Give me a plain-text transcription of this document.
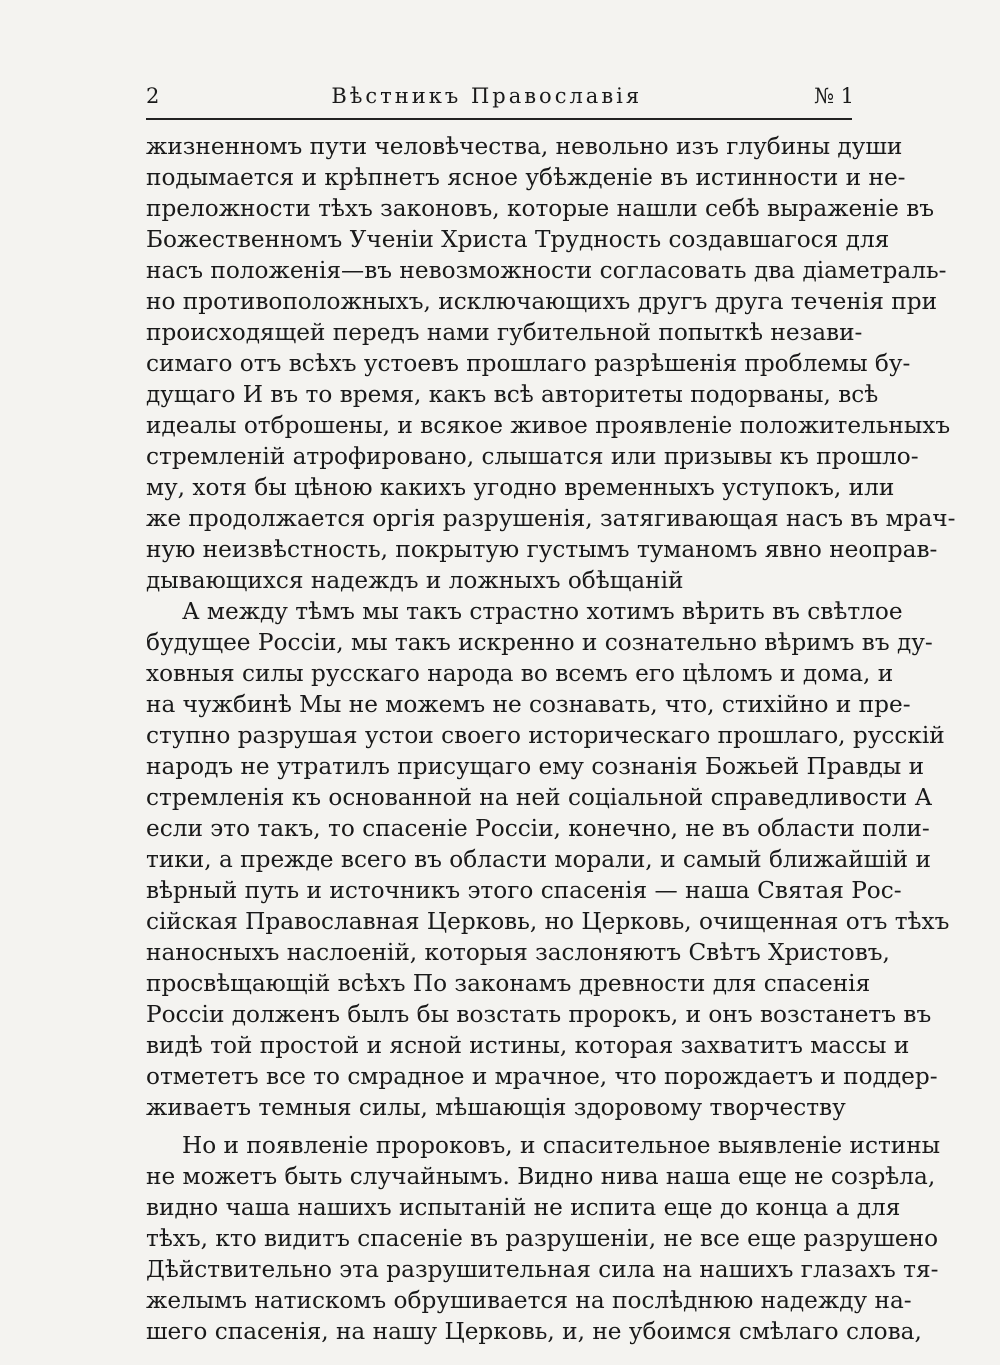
2	Вѣстникъ Православія	№ 1
жизненномъ пути человѣчества, невольно изъ глубины души
подымается и крѣпнетъ ясное убѣжденіе въ истинности и не-
преложности тѣхъ законовъ, которые нашли себѣ выраженіе въ
Божественномъ Ученіи Христа Трудность создавшагося для
насъ положенія—въ невозможности согласовать два діаметраль-
но противоположныхъ, исключающихъ другъ друга теченія при
происходящей передъ нами губительной попыткѣ незави-
симаго отъ всѣхъ устоевъ прошлаго разрѣшенія проблемы бу-
дущаго И въ то время, какъ всѣ авторитеты подорваны, всѣ
идеалы отброшены, и всякое живое проявленіе положительныхъ
стремленій атрофировано, слышатся или призывы къ прошло-
му, хотя бы цѣною какихъ угодно временныхъ уступокъ, или
же продолжается оргія разрушенія, затягивающая насъ въ мрач-
ную неизвѣстность, покрытую густымъ туманомъ явно неоправ-
дывающихся надеждъ и ложныхъ обѣщаній
А между тѣмъ мы такъ страстно хотимъ вѣрить въ свѣтлое
будущее Россіи, мы такъ искренно и сознательно вѣримъ въ ду-
ховныя силы русскаго народа во всемъ его цѣломъ и дома, и
на чужбинѣ Мы не можемъ не сознавать, что, стихійно и пре-
ступно разрушая устои своего историческаго прошлаго, русскій
народъ не утратилъ присущаго ему сознанія Божьей Правды и
стремленія къ основанной на ней соціальной справедливости А
если это такъ, то спасеніе Россіи, конечно, не въ области поли-
тики, а прежде всего въ области морали, и самый ближайшій и
вѣрный путь и источникъ этого спасенія — наша Святая Рос-
сійская Православная Церковь, но Церковь, очищенная отъ тѣхъ
наносныхъ наслоеній, которыя заслоняютъ Свѣтъ Христовъ,
просвѣщающій всѣхъ По законамъ древности для спасенія
Россіи долженъ былъ бы возстать пророкъ, и онъ возстанетъ въ
видѣ той простой и ясной истины, которая захватитъ массы и
отмететъ все то смрадное и мрачное, что порождаетъ и поддер-
живаетъ темныя силы, мѣшающія здоровому творчеству
Но и появленіе пророковъ, и спасительное выявленіе истины
не можетъ быть случайнымъ. Видно нива наша еще не созрѣла,
видно чаша нашихъ испытаній не испита еще до конца а для
тѣхъ, кто видитъ спасеніе въ разрушеніи, не все еще разрушено
Дѣйствительно эта разрушительная сила на нашихъ глазахъ тя-
желымъ натискомъ обрушивается на послѣднюю надежду на-
шего спасенія, на нашу Церковь, и, не убоимся смѣлаго слова,
